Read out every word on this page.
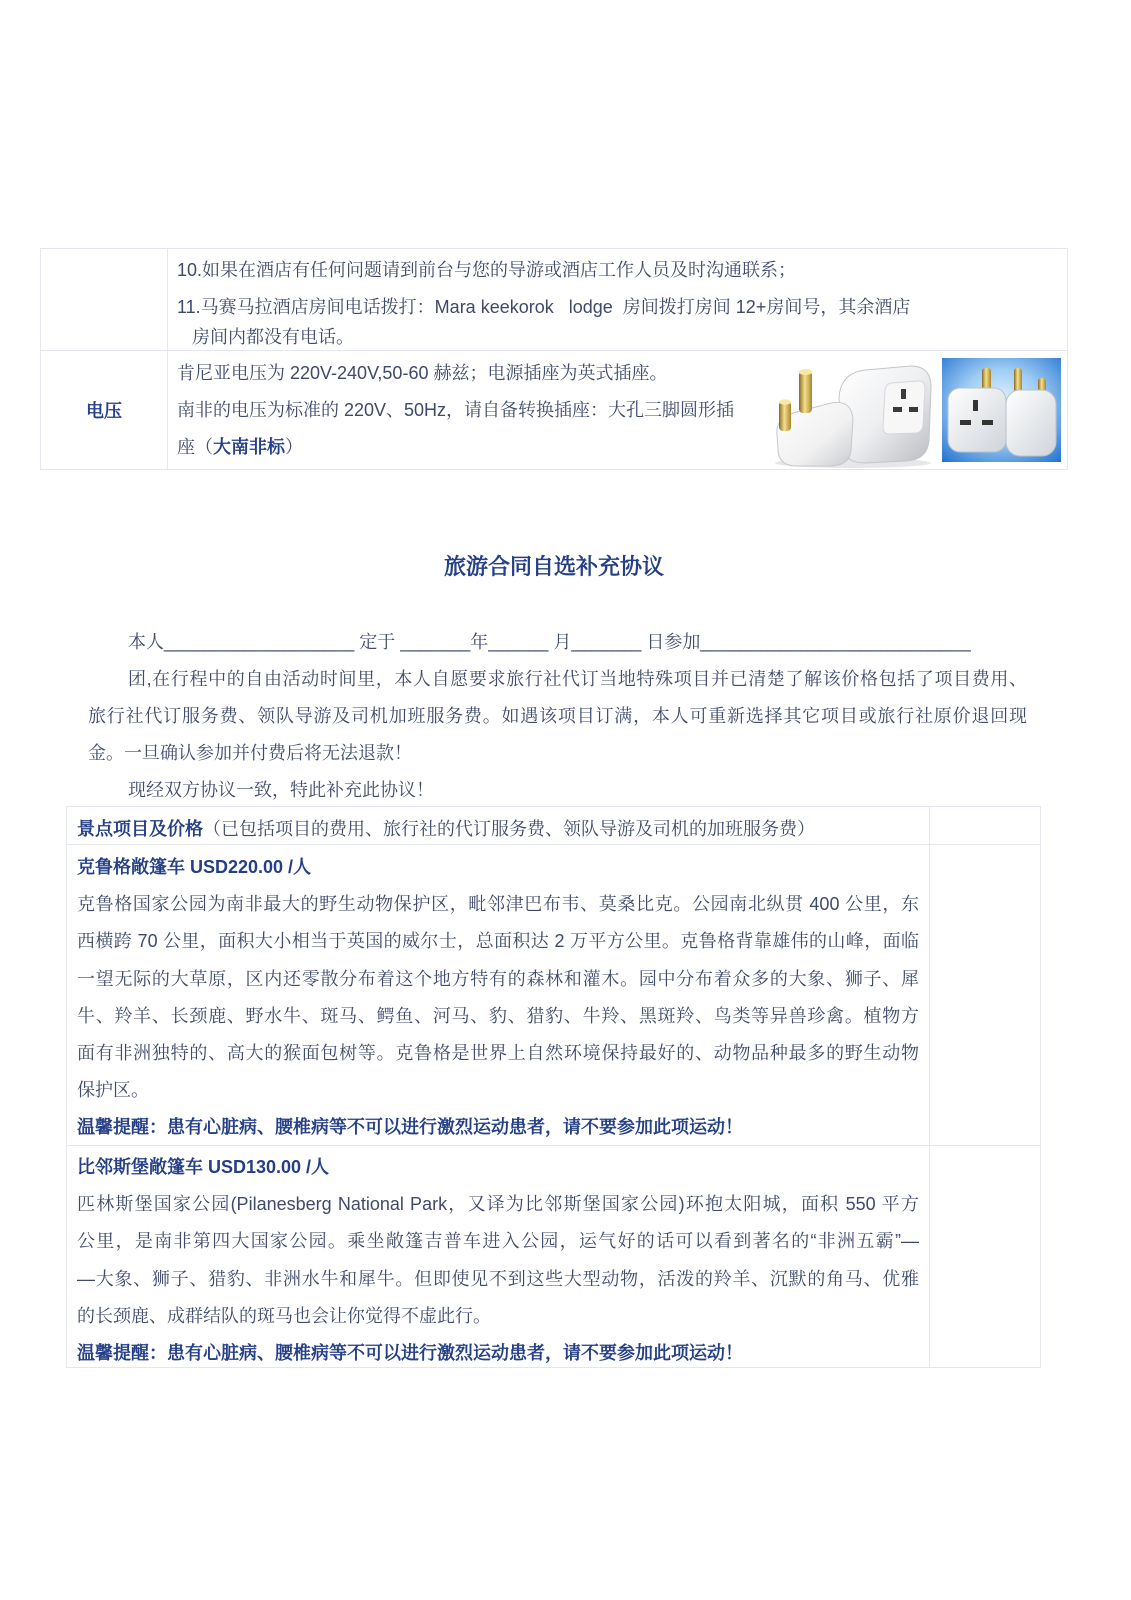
10.如果在酒店有任何问题请到前台与您的导游或酒店工作人员及时沟通联系；
11.马赛马拉酒店房间电话拨打：Mara keekorok   lodge  房间拨打房间 12+房间号，其余酒店
房间内都没有电话。
电压
肯尼亚电压为 220V-240V,50-60 赫兹；电源插座为英式插座。
南非的电压为标准的 220V、50Hz，请自备转换插座：大孔三脚圆形插
座（大南非标）
旅游合同自选补充协议
本人___________________ 定于 _______年______ 月_______ 日参加___________________________
团,在行程中的自由活动时间里，本人自愿要求旅行社代订当地特殊项目并已清楚了解该价格包括了项目费用、
旅行社代订服务费、领队导游及司机加班服务费。如遇该项目订满，本人可重新选择其它项目或旅行社原价退回现
金。一旦确认参加并付费后将无法退款！
现经双方协议一致，特此补充此协议！
景点项目及价格（已包括项目的费用、旅行社的代订服务费、领队导游及司机的加班服务费）
克鲁格敞篷车 USD220.00 /人
克鲁格国家公园为南非最大的野生动物保护区，毗邻津巴布韦、莫桑比克。公园南北纵贯 400 公里，东
西横跨 70 公里，面积大小相当于英国的威尔士，总面积达 2 万平方公里。克鲁格背靠雄伟的山峰，面临
一望无际的大草原，区内还零散分布着这个地方特有的森林和灌木。园中分布着众多的大象、狮子、犀
牛、羚羊、长颈鹿、野水牛、斑马、鳄鱼、河马、豹、猎豹、牛羚、黑斑羚、鸟类等异兽珍禽。植物方
面有非洲独特的、高大的猴面包树等。克鲁格是世界上自然环境保持最好的、动物品种最多的野生动物
保护区。
温馨提醒：患有心脏病、腰椎病等不可以进行激烈运动患者，请不要参加此项运动！
比邻斯堡敞篷车 USD130.00 /人
匹林斯堡国家公园(Pilanesberg National Park，又译为比邻斯堡国家公园)环抱太阳城，面积 550 平方
公里，是南非第四大国家公园。乘坐敞篷吉普车进入公园，运气好的话可以看到著名的“非洲五霸”—
—大象、狮子、猎豹、非洲水牛和犀牛。但即使见不到这些大型动物，活泼的羚羊、沉默的角马、优雅
的长颈鹿、成群结队的斑马也会让你觉得不虚此行。
温馨提醒：患有心脏病、腰椎病等不可以进行激烈运动患者，请不要参加此项运动！
